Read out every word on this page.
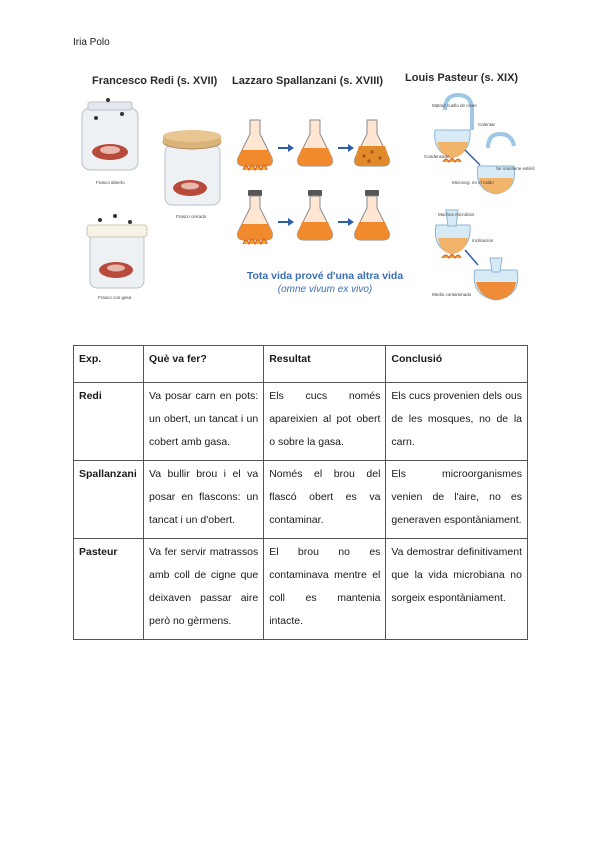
Iria Polo
Francesco Redi (s. XVII) Lazzaro Spallanzani (s. XVIII) Louis Pasteur (s. XIX)
Frasco abierto
Frasco cerrado
Frasco con gasa
Matraz cuello de cisne
Calentar
Condensado
Se mantiene estéril
Microorg. en el caldo
Muchos microbios
Inclinación
Medio contaminado
Tota vida prové d'una altra vida
(omne vivum ex vivo)
Exp.	Què va fer?	Resultat	Conclusió
Redi	Va posar carn en pots: un obert, un tancat i un cobert amb gasa.	Els cucs només apareixien al pot obert o sobre la gasa.	Els cucs provenien dels ous de les mosques, no de la carn.
Spallanzani	Va bullir brou i el va posar en flascons: un tancat i un d'obert.	Només el brou del flascó obert es va contaminar.	Els microorganismes venien de l'aire, no es generaven espontàniament.
Pasteur	Va fer servir matrassos amb coll de cigne que deixaven passar aire però no gèrmens.	El brou no es contaminava mentre el coll es mantenia intacte.	Va demostrar definitivament que la vida microbiana no sorgeix espontàniament.
